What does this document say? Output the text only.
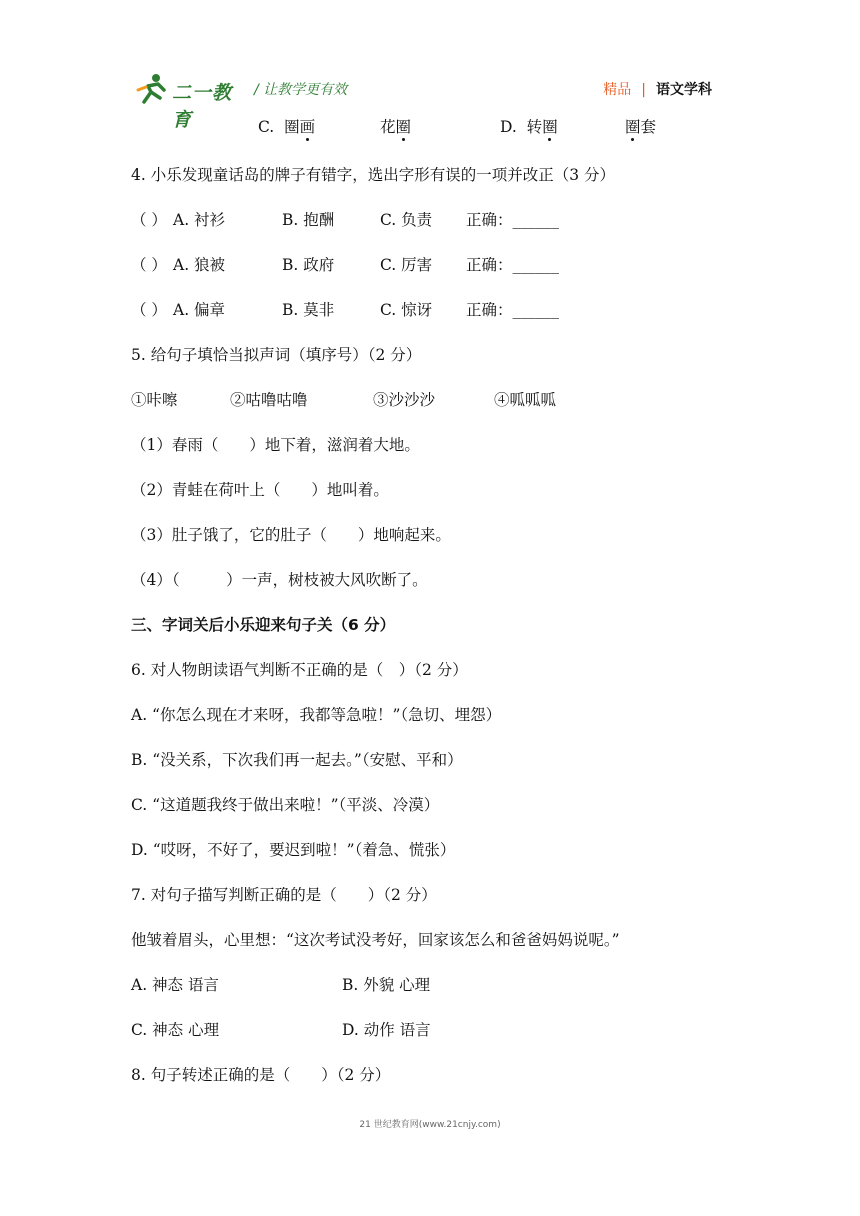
二一教育
/ 让教学更有效	精品 | 语文学科
C. 圈画	花圈	D. 转圈	圈套
4. 小乐发现童话岛的牌子有错字，选出字形有误的一项并改正（3 分）
（ ） A. 衬衫	B. 抱酬	C. 负责 正确：______
（ ） A. 狼被	B. 政府	C. 厉害 正确：______
（ ） A. 偏章	B. 莫非	C. 惊讶 正确：______
5. 给句子填恰当拟声词（填序号）（2 分）
①咔嚓	②咕噜咕噜	③沙沙沙	④呱呱呱
（1）春雨（　　）地下着，滋润着大地。
（2）青蛙在荷叶上（　　）地叫着。
（3）肚子饿了，它的肚子（　　）地响起来。
（4）（　　　）一声，树枝被大风吹断了。
三、字词关后小乐迎来句子关（6 分）
6. 对人物朗读语气判断不正确的是（　）（2 分）
A. “你怎么现在才来呀，我都等急啦！”（急切、埋怨）
B. “没关系，下次我们再一起去。”（安慰、平和）
C. “这道题我终于做出来啦！”（平淡、冷漠）
D. “哎呀，不好了，要迟到啦！”（着急、慌张）
7. 对句子描写判断正确的是（　　）（2 分）
他皱着眉头，心里想：“这次考试没考好，回家该怎么和爸爸妈妈说呢。”
A. 神态 语言	B. 外貌 心理
C. 神态 心理	D. 动作 语言
8. 句子转述正确的是（　　）（2 分）
21 世纪教育网(www.21cnjy.com)
